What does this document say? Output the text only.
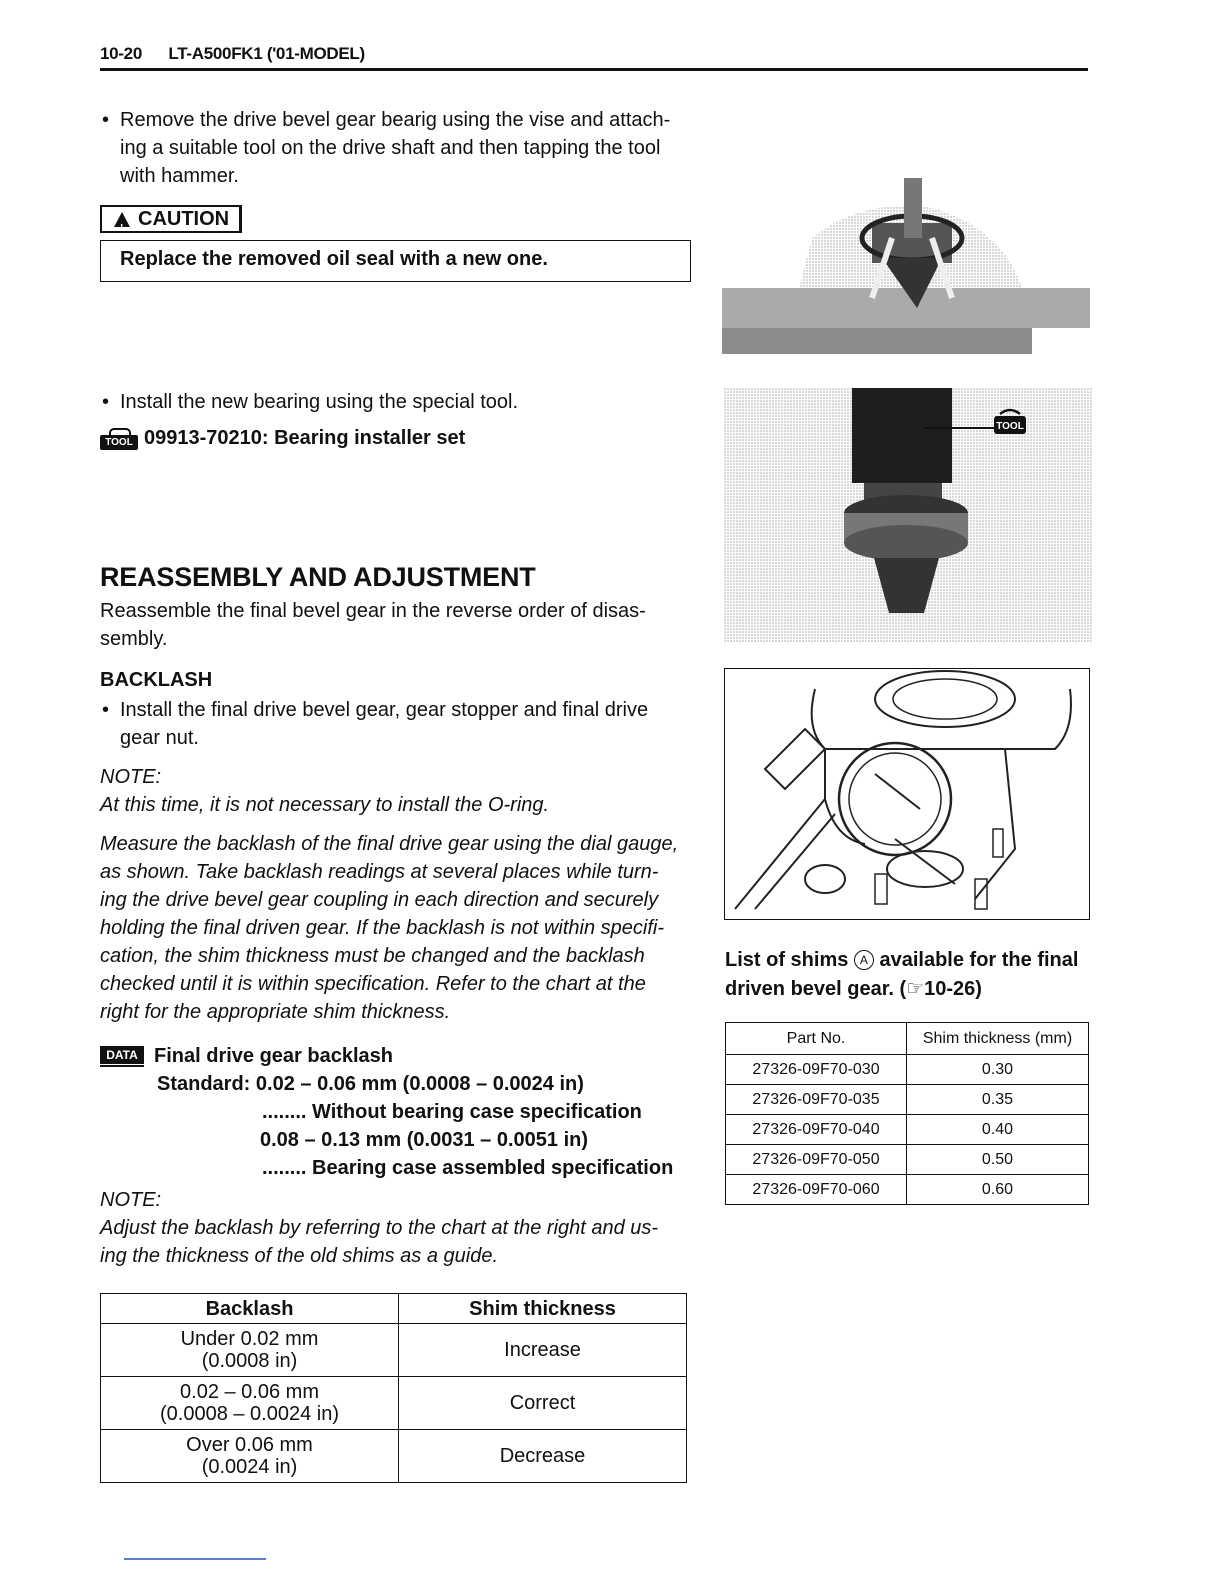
10-20 LT-A500FK1 ('01-MODEL)
• Remove the drive bevel gear bearig using the vise and attach-
ing a suitable tool on the drive shaft and then tapping the tool
with hammer.
! CAUTION
Replace the removed oil seal with a new one.
• Install the new bearing using the special tool.
TOOL 09913-70210: Bearing installer set
TOOL
REASSEMBLY AND ADJUSTMENT
Reassemble the final bevel gear in the reverse order of disas-
sembly.
BACKLASH
• Install the final drive bevel gear, gear stopper and final drive
gear nut.
NOTE:
At this time, it is not necessary to install the O-ring.
Measure the backlash of the final drive gear using the dial gauge,
as shown. Take backlash readings at several places while turn-
ing the drive bevel gear coupling in each direction and securely
holding the final driven gear. If the backlash is not within specifi-
cation, the shim thickness must be changed and the backlash
checked until it is within specification. Refer to the chart at the
right for the appropriate shim thickness.
DATA Final drive gear backlash
Standard: 0.02 – 0.06 mm (0.0008 – 0.0024 in)
........ Without bearing case specification
0.08 – 0.13 mm (0.0031 – 0.0051 in)
........ Bearing case assembled specification
NOTE:
Adjust the backlash by referring to the chart at the right and us-
ing the thickness of the old shims as a guide.
Backlash	Shim thickness

Under 0.02 mm
(0.0008 in)	Increase

0.02 – 0.06 mm
(0.0008 – 0.0024 in)	Correct

Over 0.06 mm
(0.0024 in)	Decrease
List of shims A available for the final driven bevel gear. (☞10-26)
Part No.	Shim thickness (mm)
27326-09F70-030	0.30
27326-09F70-035	0.35
27326-09F70-040	0.40
27326-09F70-050	0.50
27326-09F70-060	0.60
